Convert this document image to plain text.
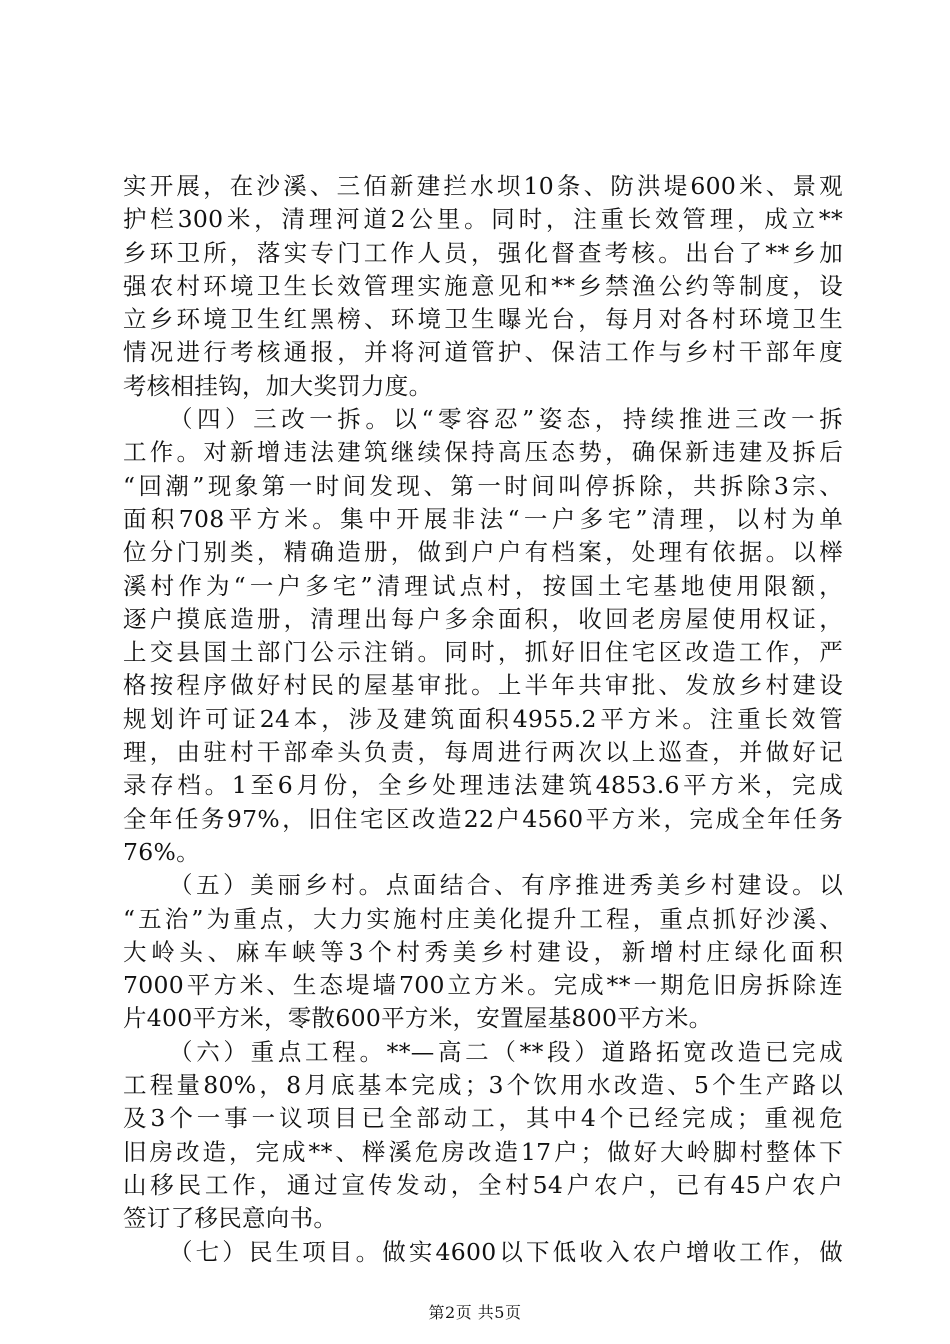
实开展，在沙溪、三佰新建拦水坝10条、防洪堤600米、景观
护栏300米，清理河道2公里。同时，注重长效管理，成立**
乡环卫所，落实专门工作人员，强化督查考核。出台了**乡加
强农村环境卫生长效管理实施意见和**乡禁渔公约等制度，设
立乡环境卫生红黑榜、环境卫生曝光台，每月对各村环境卫生
情况进行考核通报，并将河道管护、保洁工作与乡村干部年度
考核相挂钩，加大奖罚力度。
（四）三改一拆。以“零容忍”姿态，持续推进三改一拆
工作。对新增违法建筑继续保持高压态势，确保新违建及拆后
“回潮”现象第一时间发现、第一时间叫停拆除，共拆除3宗、
面积708平方米。集中开展非法“一户多宅”清理，以村为单
位分门别类，精确造册，做到户户有档案，处理有依据。以榉
溪村作为“一户多宅”清理试点村，按国土宅基地使用限额，
逐户摸底造册，清理出每户多余面积，收回老房屋使用权证，
上交县国土部门公示注销。同时，抓好旧住宅区改造工作，严
格按程序做好村民的屋基审批。上半年共审批、发放乡村建设
规划许可证24本，涉及建筑面积4955.2平方米。注重长效管
理，由驻村干部牵头负责，每周进行两次以上巡查，并做好记
录存档。1至6月份，全乡处理违法建筑4853.6平方米，完成
全年任务97%，旧住宅区改造22户4560平方米，完成全年任务
76%。
（五）美丽乡村。点面结合、有序推进秀美乡村建设。以
“五治”为重点，大力实施村庄美化提升工程，重点抓好沙溪、
大岭头、麻车峡等3个村秀美乡村建设，新增村庄绿化面积
7000平方米、生态堤墙700立方米。完成**一期危旧房拆除连
片400平方米，零散600平方米，安置屋基800平方米。
（六）重点工程。**—高二（**段）道路拓宽改造已完成
工程量80%，8月底基本完成；3个饮用水改造、5个生产路以
及3个一事一议项目已全部动工，其中4个已经完成；重视危
旧房改造，完成**、榉溪危房改造17户；做好大岭脚村整体下
山移民工作，通过宣传发动，全村54户农户，已有45户农户
签订了移民意向书。
（七）民生项目。做实4600以下低收入农户增收工作，做
第2页 共5页
